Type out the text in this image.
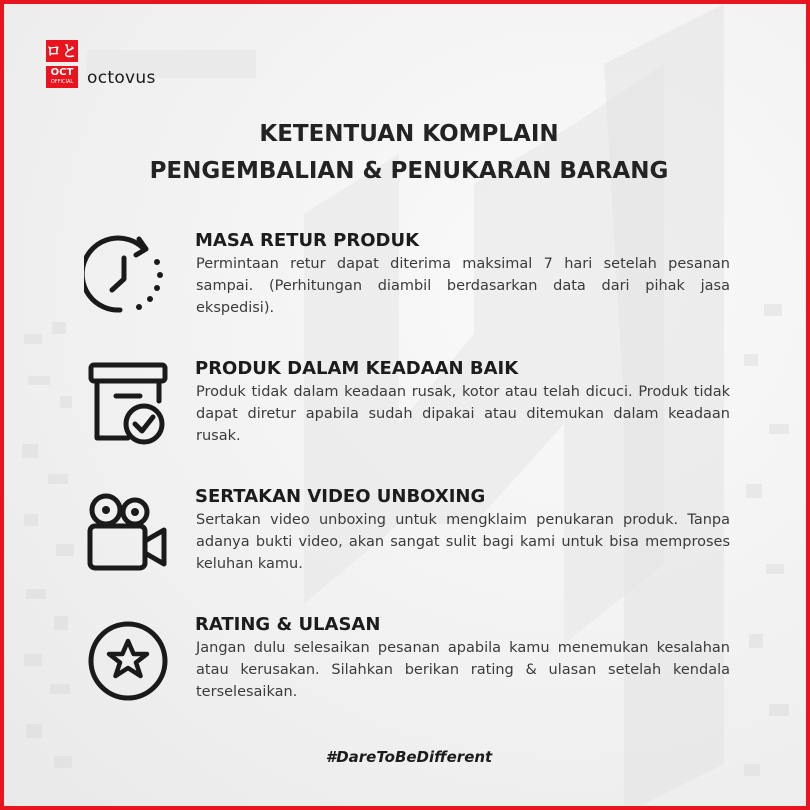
ロと
OCT
OFFICIAL octovus
KETENTUAN KOMPLAIN
PENGEMBALIAN & PENUKARAN BARANG
MASA RETUR PRODUK

Permintaan retur dapat diterima maksimal 7 hari setelah pesanan sampai. (Perhitungan diambil berdasarkan data dari pihak jasa ekspedisi).

PRODUK DALAM KEADAAN BAIK

Produk tidak dalam keadaan rusak, kotor atau telah dicuci. Produk tidak dapat diretur apabila sudah dipakai atau ditemukan dalam keadaan rusak.

SERTAKAN VIDEO UNBOXING

Sertakan video unboxing untuk mengklaim penukaran produk. Tanpa adanya bukti video, akan sangat sulit bagi kami untuk bisa memproses keluhan kamu.

RATING & ULASAN

Jangan dulu selesaikan pesanan apabila kamu menemukan kesalahan atau kerusakan. Silahkan berikan rating & ulasan setelah kendala terselesaikan.

#DareToBeDifferent
